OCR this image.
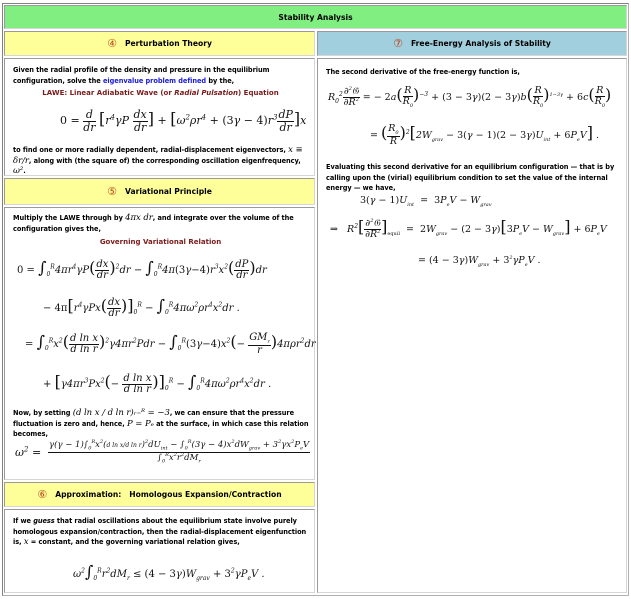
Stability Analysis
④ Perturbation Theory

Given the radial profile of the density and pressure in the equilibrium configuration, solve the eigenvalue problem defined by the,

LAWE: Linear Adiabatic Wave (or Radial Pulsation) Equation
$0 = \frac{d}{dr} [r^4\gamma P \frac{dx}{dr}$ ] + $[\omega^2\rho r^4 + (3\gamma - 4)r^3 \frac{dP}{dr} ]x$

to find one or more radially dependent, radial-displacement eigenvectors, x ≡ δr/r, along with (the square of) the corresponding oscillation eigenfrequency, ω².

⑤ Variational Principle

Multiply the LAWE through by 4πx dr, and integrate over the volume of the configuration gives the,

Governing Variational Relation
$0 = \int_0^R4\pi r^4\gamma P( \frac{dx}{dr} )^2dr - \int_0^R4\pi(3\gamma-4)r^3x^2( \frac{dP}{dr} )dr$
− $4\pi[r^4\gamma Px( \frac{dx}{dr} )]_0^R - \int_0^R4\pi\omega^2\rho r^4x^2dr$ .
= $\int_0^Rx^2( \frac{\text{d ln x}}{\text{d ln r}} )^2\gamma 4\pi r^2Pdr - \int_0^R(3\gamma-4)x^2(- \frac{GM_r}{r} )4\pi\rho r^2dr$
+ $[\gamma 4\pi r^3Px^2(- \frac{\text{d ln x}}{\text{d ln r}} )]_0^R - \int_0^R4\pi\omega^2\rho r^4x^2dr$ .

Now, by setting (d ln x / d ln r)ᵣ₌ᴿ = −3, we can ensure that the pressure fluctuation is zero and, hence, P = Pₑ at the surface, in which case this relation becomes,

$\omega^2$ =
$\gamma(\gamma - 1)\int_0^Rx^2(d$ ln x/d $\ln r)^2dU_{int} - \int_0^R(3\gamma - 4)x^2dW_{grav} + 3^2\gamma x^2P_eV$
$\int_0^Rx^2r^2dM_r$
⑥ Approximation:   Homologous Expansion/Contraction

If we guess that radial oscillations about the equilibrium state involve purely homologous expansion/contraction, then the radial-displacement eigenfunction is, x = constant, and the governing variational relation gives,

$\omega^2\int_0^Rr^2dM_r \le (4 - 3\gamma)W_{grav} + 3^2\gamma P_eV$ .
⑦ Free-Energy Analysis of Stability

The second derivative of the free-energy function is,

$R_0^2 \frac{\partial^2𝔊}{\partial R^2}$ = − $2a( \frac{R}{R_0} )^{-3} + (3 - 3\gamma)(2 - 3\gamma)b( \frac{R}{R_0} )^{1-3\gamma} + 6c( \frac{R}{R_0}$ )
= ( $\frac{R_0}{R} )^2[2W_{grav} - 3(\gamma - 1)(2 - 3\gamma)U_{int} + 6P_eV]$ .

Evaluating this second derivative for an equilibrium configuration — that is by calling upon the (virial) equilibrium condition to set the value of the internal energy — we have,

$3(\gamma - 1)U_{int} = 3P_eV - W_{grav}$
⇒   $R^2[ \frac{\partial^2𝔊}{\partial R^2} ]_{equil} = 2W_{grav} - (2 - 3\gamma)[3P_eV - W_{grav}] + 6P_eV$
= $(4 - 3\gamma)W_{grav} + 3^2\gamma P_eV$ .
